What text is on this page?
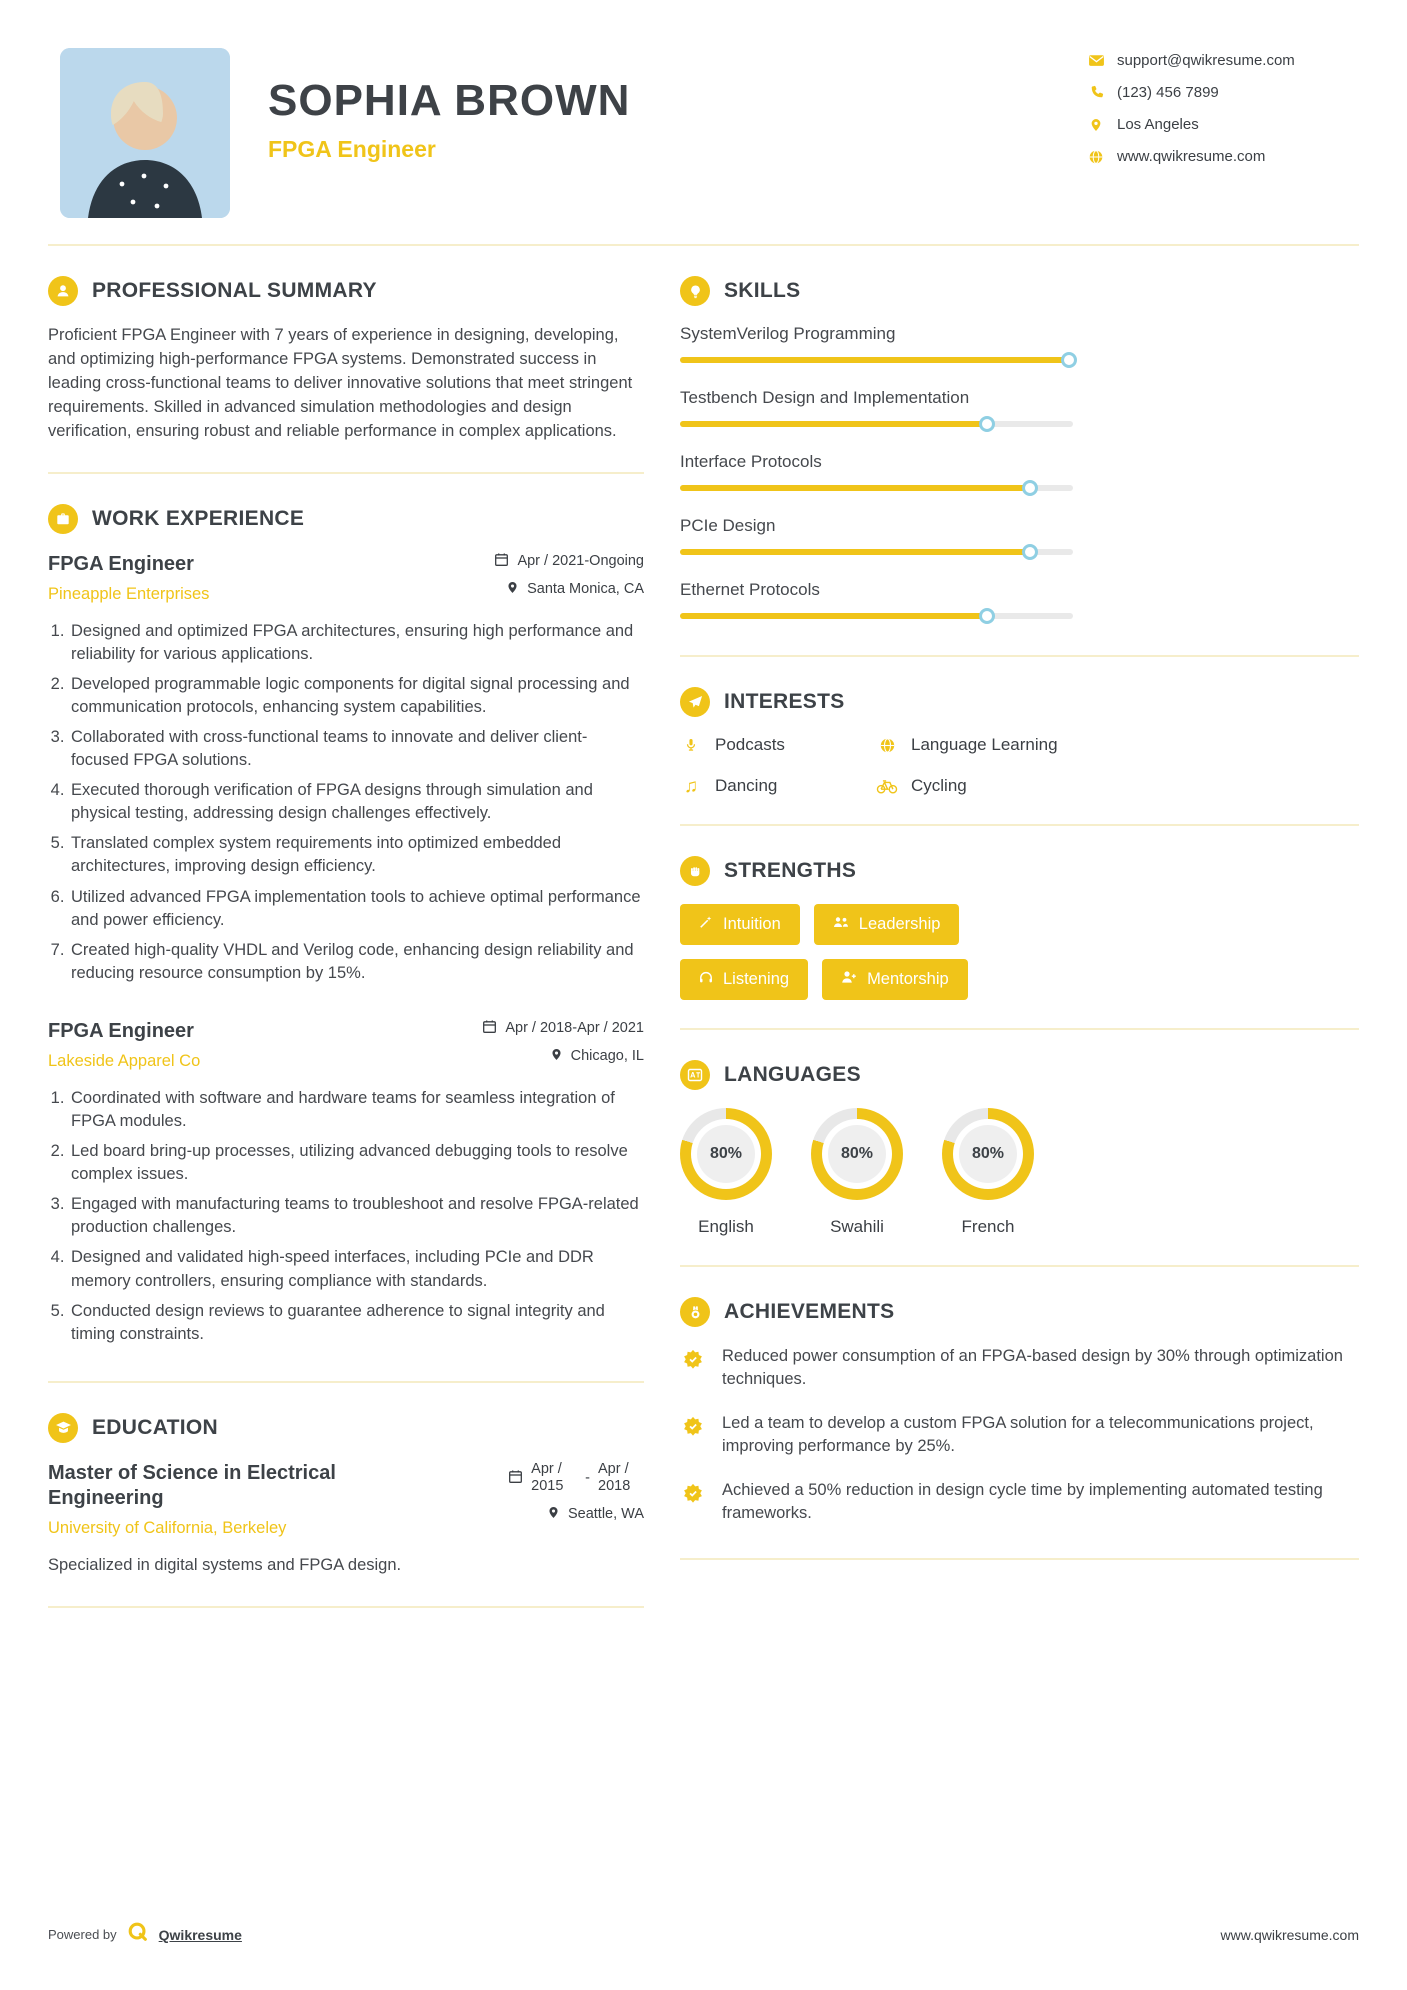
SOPHIA BROWN
FPGA Engineer
support@qwikresume.com
(123) 456 7899
Los Angeles
www.qwikresume.com
PROFESSIONAL SUMMARY

Proficient FPGA Engineer with 7 years of experience in designing, developing, and optimizing high-performance FPGA systems. Demonstrated success in leading cross-functional teams to deliver innovative solutions that meet stringent requirements. Skilled in advanced simulation methodologies and design verification, ensuring robust and reliable performance in complex applications.

WORK EXPERIENCE
FPGA Engineer
Pineapple Enterprises
Apr / 2021-Ongoing
Santa Monica, CA
1. Designed and optimized FPGA architectures, ensuring high performance and reliability for various applications.
2. Developed programmable logic components for digital signal processing and communication protocols, enhancing system capabilities.
3. Collaborated with cross-functional teams to innovate and deliver client-focused FPGA solutions.
4. Executed thorough verification of FPGA designs through simulation and physical testing, addressing design challenges effectively.
5. Translated complex system requirements into optimized embedded architectures, improving design efficiency.
6. Utilized advanced FPGA implementation tools to achieve optimal performance and power efficiency.
7. Created high-quality VHDL and Verilog code, enhancing design reliability and reducing resource consumption by 15%.
FPGA Engineer
Lakeside Apparel Co
Apr / 2018-Apr / 2021
Chicago, IL
1. Coordinated with software and hardware teams for seamless integration of FPGA modules.
2. Led board bring-up processes, utilizing advanced debugging tools to resolve complex issues.
3. Engaged with manufacturing teams to troubleshoot and resolve FPGA-related production challenges.
4. Designed and validated high-speed interfaces, including PCIe and DDR memory controllers, ensuring compliance with standards.
5. Conducted design reviews to guarantee adherence to signal integrity and timing constraints.
EDUCATION
Master of Science in Electrical Engineering
University of California, Berkeley
Apr / 2015	-
Apr / 2018
Seattle, WA

Specialized in digital systems and FPGA design.

SKILLS
SystemVerilog Programming
Testbench Design and Implementation
Interface Protocols
PCIe Design
Ethernet Protocols
INTERESTS
Podcasts	Language Learning
♫ Dancing	Cycling
STRENGTHS
Intuition	Leadership
Listening	Mentorship
LANGUAGES
80%
English
80%
Swahili
80%
French
ACHIEVEMENTS
Reduced power consumption of an FPGA-based design by 30% through optimization techniques.
Led a team to develop a custom FPGA solution for a telecommunications project, improving performance by 25%.
Achieved a 50% reduction in design cycle time by implementing automated testing frameworks.
Powered by	Qwikresume	www.qwikresume.com
